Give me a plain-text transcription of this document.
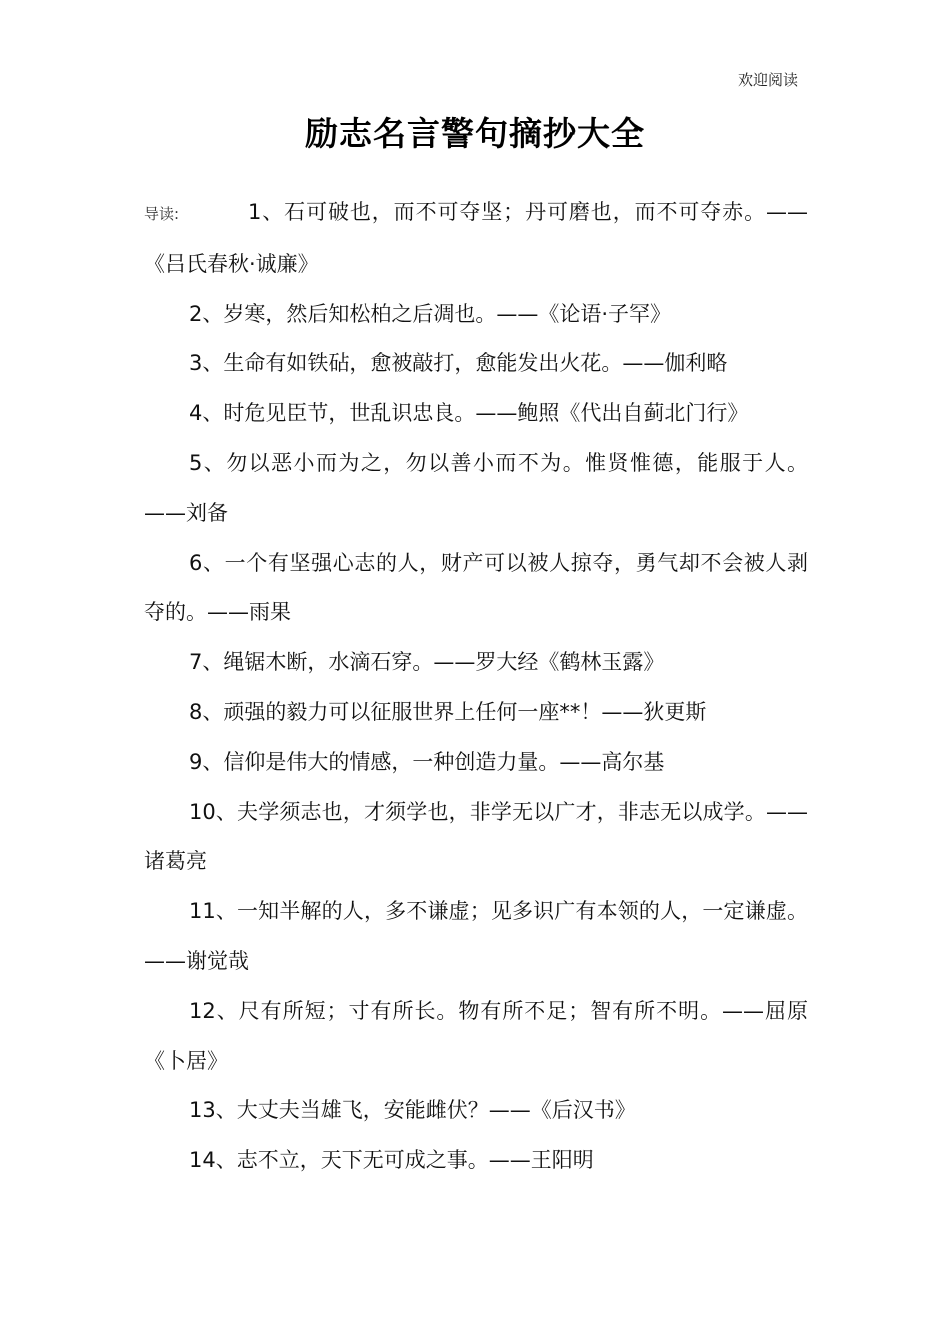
欢迎阅读
励志名言警句摘抄大全

导读:	1、石可破也，而不可夺坚；丹可磨也，而不可夺赤。——《吕氏春秋·诚廉》

2、岁寒，然后知松柏之后凋也。——《论语·子罕》

3、生命有如铁砧，愈被敲打，愈能发出火花。——伽利略

4、时危见臣节，世乱识忠良。——鲍照《代出自蓟北门行》

5、勿以恶小而为之，勿以善小而不为。惟贤惟德，能服于人。——刘备

6、一个有坚强心志的人，财产可以被人掠夺，勇气却不会被人剥夺的。——雨果

7、绳锯木断，水滴石穿。——罗大经《鹤林玉露》

8、顽强的毅力可以征服世界上任何一座**！——狄更斯

9、信仰是伟大的情感，一种创造力量。——高尔基

10、夫学须志也，才须学也，非学无以广才，非志无以成学。——诸葛亮

11、一知半解的人，多不谦虚；见多识广有本领的人，一定谦虚。——谢觉哉

12、尺有所短；寸有所长。物有所不足；智有所不明。——屈原《卜居》

13、大丈夫当雄飞，安能雌伏？——《后汉书》

14、志不立，天下无可成之事。——王阳明
